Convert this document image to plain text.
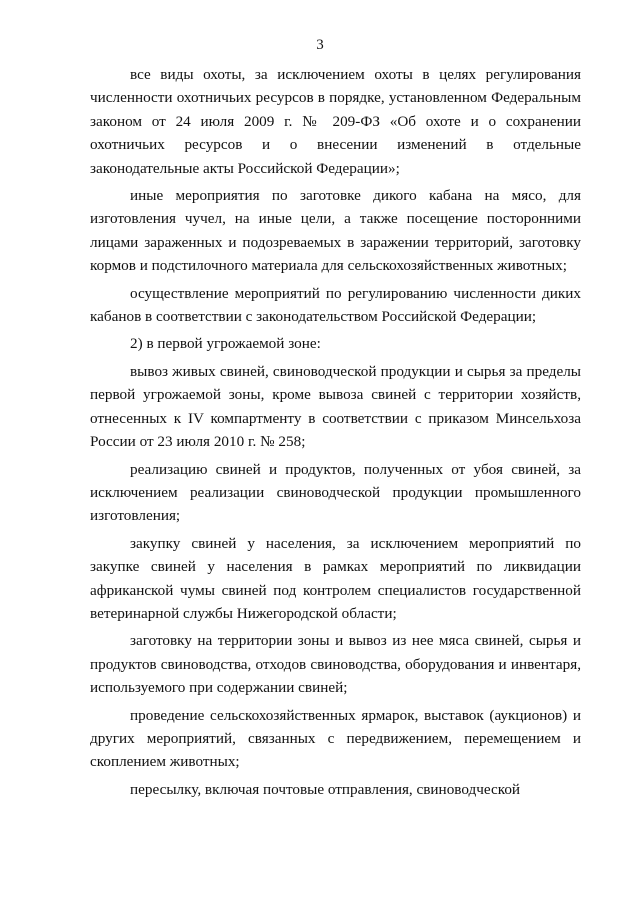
3

все виды охоты, за исключением охоты в целях регулирования численности охотничьих ресурсов в порядке, установленном Федеральным законом от 24 июля 2009 г. № 209-ФЗ «Об охоте и о сохранении охотничьих ресурсов и о внесении изменений в отдельные законодательные акты Российской Федерации»;

иные мероприятия по заготовке дикого кабана на мясо, для изготовления чучел, на иные цели, а также посещение посторонними лицами зараженных и подозреваемых в заражении территорий, заготовку кормов и подстилочного материала для сельскохозяйственных животных;

осуществление мероприятий по регулированию численности диких кабанов в соответствии с законодательством Российской Федерации;

2) в первой угрожаемой зоне:

вывоз живых свиней, свиноводческой продукции и сырья за пределы первой угрожаемой зоны, кроме вывоза свиней с территории хозяйств, отнесенных к IV компартменту в соответствии с приказом Минсельхоза России от 23 июля 2010 г. № 258;

реализацию свиней и продуктов, полученных от убоя свиней, за исключением реализации свиноводческой продукции промышленного изготовления;

закупку свиней у населения, за исключением мероприятий по закупке свиней у населения в рамках мероприятий по ликвидации африканской чумы свиней под контролем специалистов государственной ветеринарной службы Нижегородской области;

заготовку на территории зоны и вывоз из нее мяса свиней, сырья и продуктов свиноводства, отходов свиноводства, оборудования и инвентаря, используемого при содержании свиней;

проведение сельскохозяйственных ярмарок, выставок (аукционов) и других мероприятий, связанных с передвижением, перемещением и скоплением животных;

пересылку, включая почтовые отправления, свиноводческой
